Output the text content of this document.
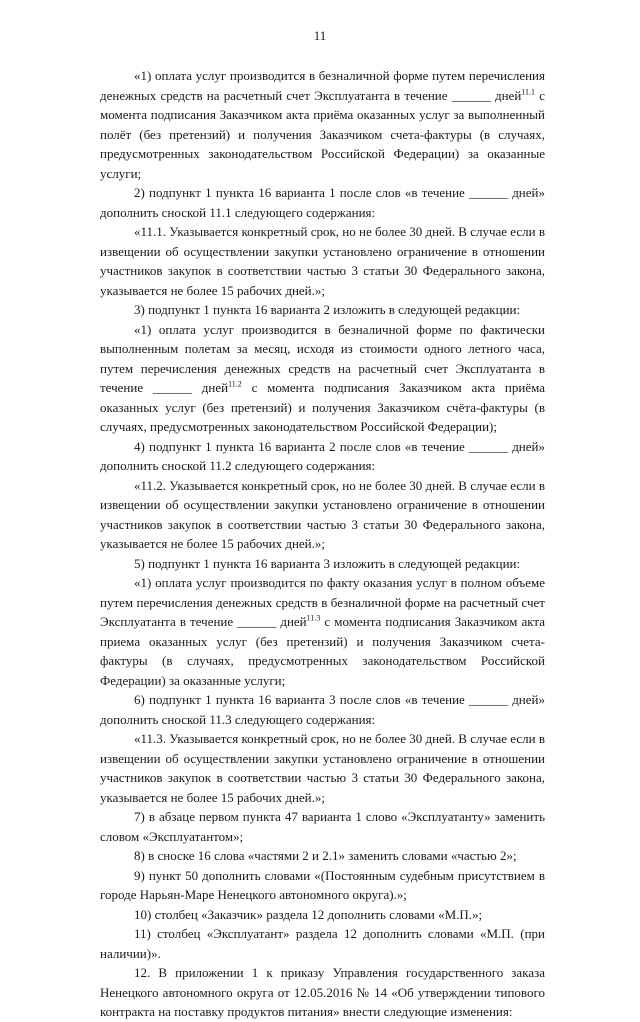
11

«1) оплата услуг производится в безналичной форме путем перечисления денежных средств на расчетный счет Эксплуатанта в течение ______ дней$^{11.1}$ с момента подписания Заказчиком акта приёма оказанных услуг за выполненный полёт (без претензий) и получения Заказчиком счета-фактуры (в случаях, предусмотренных законодательством Российской Федерации) за оказанные услуги;

2) подпункт 1 пункта 16 варианта 1 после слов «в течение ______ дней» дополнить сноской 11.1 следующего содержания:

«11.1. Указывается конкретный срок, но не более 30 дней. В случае если в извещении об осуществлении закупки установлено ограничение в отношении участников закупок в соответствии частью 3 статьи 30 Федерального закона, указывается не более 15 рабочих дней.»;

3) подпункт 1 пункта 16 варианта 2 изложить в следующей редакции:

«1) оплата услуг производится в безналичной форме по фактически выполненным полетам за месяц, исходя из стоимости одного летного часа, путем перечисления денежных средств на расчетный счет Эксплуатанта в течение ______ дней$^{11.2}$ с момента подписания Заказчиком акта приёма оказанных услуг (без претензий) и получения Заказчиком счёта-фактуры (в случаях, предусмотренных законодательством Российской Федерации);

4) подпункт 1 пункта 16 варианта 2 после слов «в течение ______ дней» дополнить сноской 11.2 следующего содержания:

«11.2. Указывается конкретный срок, но не более 30 дней. В случае если в извещении об осуществлении закупки установлено ограничение в отношении участников закупок в соответствии частью 3 статьи 30 Федерального закона, указывается не более 15 рабочих дней.»;

5) подпункт 1 пункта 16 варианта 3 изложить в следующей редакции:

«1) оплата услуг производится по факту оказания услуг в полном объеме путем перечисления денежных средств в безналичной форме на расчетный счет Эксплуатанта в течение ______ дней$^{11.3}$ с момента подписания Заказчиком акта приема оказанных услуг (без претензий) и получения Заказчиком счета-фактуры (в случаях, предусмотренных законодательством Российской Федерации) за оказанные услуги;

6) подпункт 1 пункта 16 варианта 3 после слов «в течение ______ дней» дополнить сноской 11.3 следующего содержания:

«11.3. Указывается конкретный срок, но не более 30 дней. В случае если в извещении об осуществлении закупки установлено ограничение в отношении участников закупок в соответствии частью 3 статьи 30 Федерального закона, указывается не более 15 рабочих дней.»;

7) в абзаце первом пункта 47 варианта 1 слово «Эксплуатанту» заменить словом «Эксплуатантом»;

8) в сноске 16 слова «частями 2 и 2.1» заменить словами «частью 2»;

9) пункт 50 дополнить словами «(Постоянным судебным присутствием в городе Нарьян-Маре Ненецкого автономного округа).»;

10) столбец «Заказчик» раздела 12 дополнить словами «М.П.»;

11) столбец «Эксплуатант» раздела 12 дополнить словами «М.П. (при наличии)».

12. В приложении 1 к приказу Управления государственного заказа Ненецкого автономного округа от 12.05.2016 № 14 «Об утверждении типового контракта на поставку продуктов питания» внести следующие изменения:
